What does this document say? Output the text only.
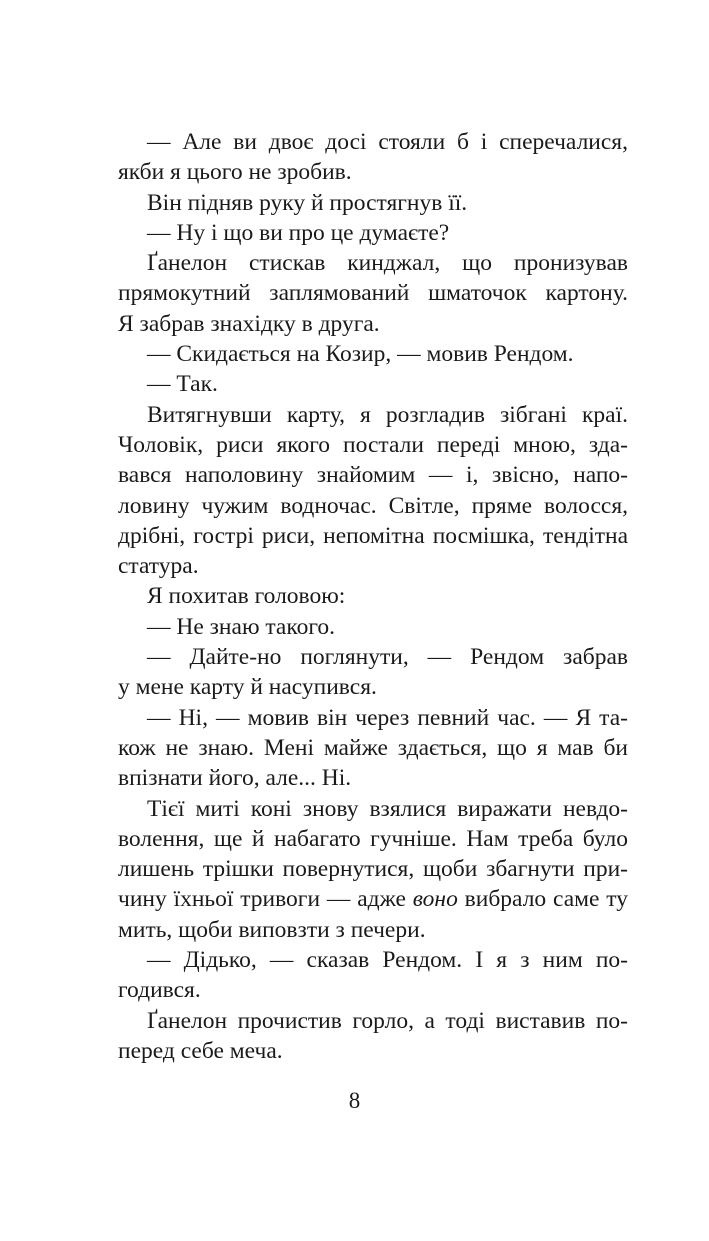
— Але ви двоє досі стояли б і сперечалися,
якби я цього не зробив.
Він підняв руку й простягнув її.
— Ну і що ви про це думаєте?
Ґанелон стискав кинджал, що пронизував
прямокутний заплямований шматочок картону.
Я забрав знахідку в друга.
— Скидається на Козир, — мовив Рендом.
— Так.
Витягнувши карту, я розгладив зібгані краї.
Чоловік, риси якого постали переді мною, зда-
вався наполовину знайомим — і, звісно, напо-
ловину чужим водночас. Світле, пряме волосся,
дрібні, гострі риси, непомітна посмішка, тендітна
статура.
Я похитав головою:
— Не знаю такого.
— Дайте-но поглянути, — Рендом забрав
у мене карту й насупився.
— Ні, — мовив він через певний час. — Я та-
кож не знаю. Мені майже здається, що я мав би
впізнати його, але... Ні.
Тієї миті коні знову взялися виражати невдо-
волення, ще й набагато гучніше. Нам треба було
лишень трішки повернутися, щоби збагнути при-
чину їхньої тривоги — адже воно вибрало саме ту
мить, щоби виповзти з печери.
— Дідько, — сказав Рендом. І я з ним по-
годився.
Ґанелон прочистив горло, а тоді виставив по-
перед себе меча.
8
